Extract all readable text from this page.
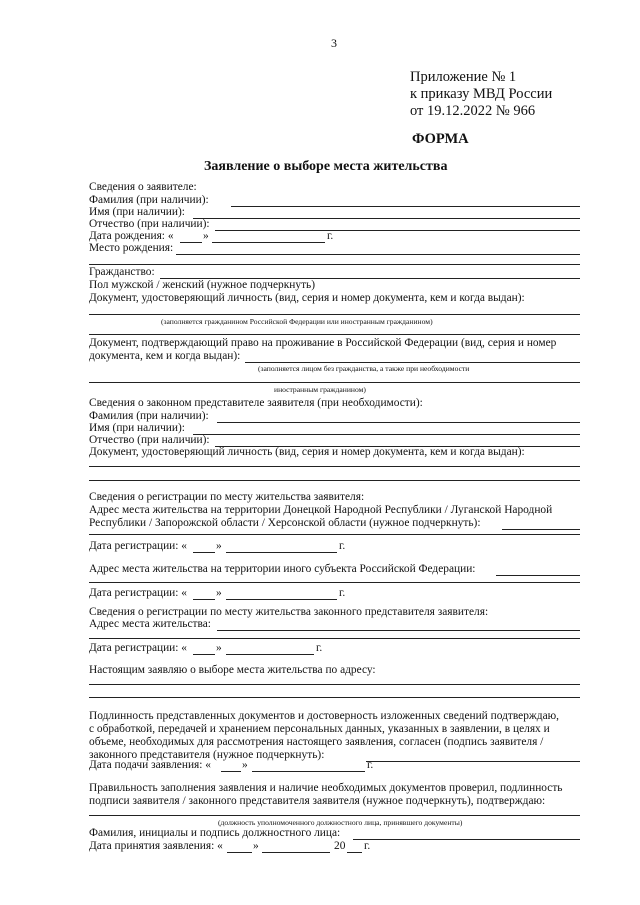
3
Приложение № 1
к приказу МВД России
от 19.12.2022 № 966
ФОРМА
Заявление о выборе места жительства
Сведения о заявителе:
Фамилия (при наличии):
Имя (при наличии):
Отчество (при наличии):
Дата рождения: «	»	г.
Место рождения:
Гражданство:
Пол мужской / женский (нужное подчеркнуть)
Документ, удостоверяющий личность (вид, серия и номер документа, кем и когда выдан):
(заполняется гражданином Российской Федерации или иностранным гражданином)
Документ, подтверждающий право на проживание в Российской Федерации (вид, серия и номер
документа, кем и когда выдан):
(заполняется лицом без гражданства, а также при необходимости
иностранным гражданином)
Сведения о законном представителе заявителя (при необходимости):
Фамилия (при наличии):
Имя (при наличии):
Отчество (при наличии):
Документ, удостоверяющий личность (вид, серия и номер документа, кем и когда выдан):
Сведения о регистрации по месту жительства заявителя:
Адрес места жительства на территории Донецкой Народной Республики / Луганской Народной
Республики / Запорожской области / Херсонской области (нужное подчеркнуть):
Дата регистрации: «	»	г.
Адрес места жительства на территории иного субъекта Российской Федерации:
Дата регистрации: «	»	г.
Сведения о регистрации по месту жительства законного представителя заявителя:
Адрес места жительства:
Дата регистрации: «	»	г.
Настоящим заявляю о выборе места жительства по адресу:
Подлинность представленных документов и достоверность изложенных сведений подтверждаю,
с обработкой, передачей и хранением персональных данных, указанных в заявлении, в целях и
объеме, необходимых для рассмотрения настоящего заявления, согласен (подпись заявителя /
законного представителя (нужное подчеркнуть):
Дата подачи заявления: «	»	г.
Правильность заполнения заявления и наличие необходимых документов проверил, подлинность
подписи заявителя / законного представителя заявителя (нужное подчеркнуть), подтверждаю:
(должность уполномоченного должностного лица, принявшего документы)
Фамилия, инициалы и подпись должностного лица:
Дата принятия заявления: «	»	20 г.
